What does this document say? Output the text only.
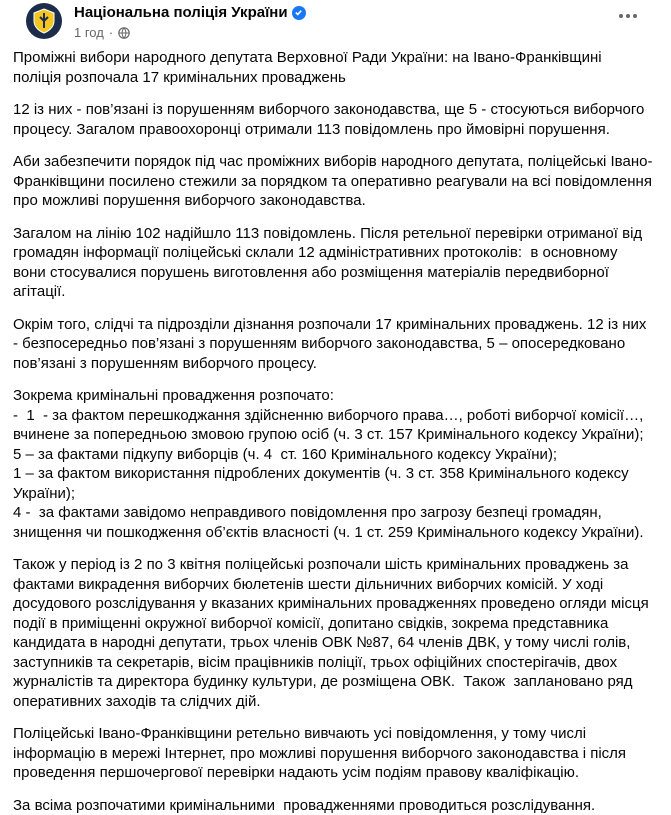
Національна поліція України
1 год ·

Проміжні вибори народного депутата Верховної Ради України: на Івано-Франківщині поліція розпочала 17 кримінальних проваджень

12 із них - пов’язані із порушенням виборчого законодавства, ще 5 - стосуються виборчого процесу. Загалом правоохоронці отримали 113 повідомлень про ймовірні порушення.

Аби забезпечити порядок під час проміжних виборів народного депутата, поліцейські Івано-Франківщини посилено стежили за порядком та оперативно реагували на всі повідомлення про можливі порушення виборчого законодавства.

Загалом на лінію 102 надійшло 113 повідомлень. Після ретельної перевірки отриманої від громадян інформації поліцейські склали 12 адміністративних протоколів:  в основному вони стосувалися порушень виготовлення або розміщення матеріалів передвиборної агітації.

Окрім того, слідчі та підрозділи дізнання розпочали 17 кримінальних проваджень. 12 із них - безпосередньо пов’язані з порушенням виборчого законодавства, 5 – опосередковано пов’язані з порушенням виборчого процесу.

Зокрема кримінальні провадження розпочато:
-  1  - за фактом перешкоджання здійсненню виборчого права…, роботі виборчої комісії…, вчинене за попередньою змовою групою осіб (ч. 3 ст. 157 Кримінального кодексу України);
5 – за фактами підкупу виборців (ч. 4  ст. 160 Кримінального кодексу України);
1 – за фактом використання підроблених документів (ч. 3 ст. 358 Кримінального кодексу України);
4 -  за фактами завідомо неправдивого повідомлення про загрозу безпеці громадян, знищення чи пошкодження об’єктів власності (ч. 1 ст. 259 Кримінального кодексу України).

Також у період із 2 по 3 квітня поліцейські розпочали шість кримінальних проваджень за фактами викрадення виборчих бюлетенів шести дільничних виборчих комісій. У ході досудового розслідування у вказаних кримінальних провадженнях проведено огляди місця події в приміщенні окружної виборчої комісії, допитано свідків, зокрема представника кандидата в народні депутати, трьох членів ОВК №87, 64 членів ДВК, у тому числі голів, заступників та секретарів, вісім працівників поліції, трьох офіційних спостерігачів, двох журналістів та директора будинку культури, де розміщена ОВК.  Також  заплановано ряд оперативних заходів та слідчих дій.

Поліцейські Івано-Франківщини ретельно вивчають усі повідомлення, у тому числі інформацію в мережі Інтернет, про можливі порушення виборчого законодавства і після проведення першочергової перевірки надають усім подіям правову кваліфікацію.

За всіма розпочатими кримінальними  провадженнями проводиться розслідування.
